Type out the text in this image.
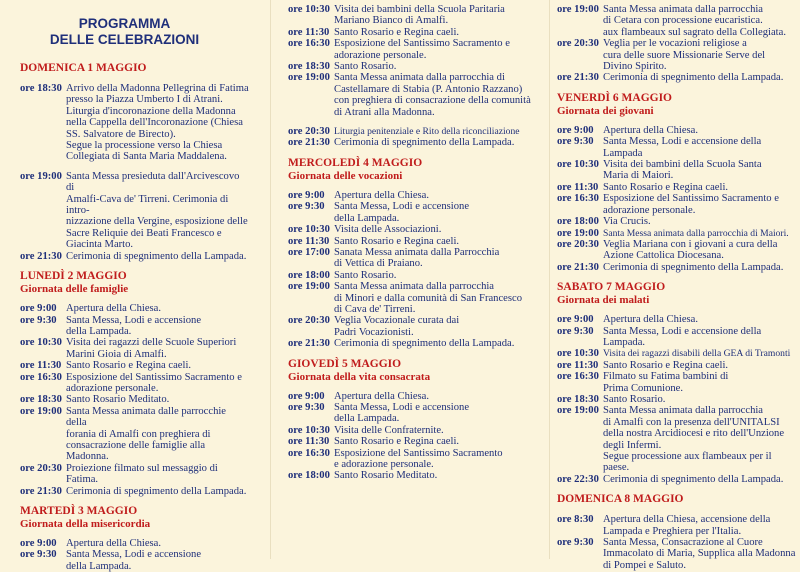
PROGRAMMA
DELLE CELEBRAZIONI
DOMENICA 1 MAGGIO
ore 18:30 Arrivo della Madonna Pellegrina di Fatima
presso la Piazza Umberto I di Atrani.
Liturgia d'incoronazione della Madonna
nella Cappella dell'Incoronazione (Chiesa
SS. Salvatore de Birecto).
Segue la processione verso la Chiesa
Collegiata di Santa Maria Maddalena.
ore 19:00 Santa Messa presieduta dall'Arcivescovo di
Amalfi-Cava de' Tirreni. Cerimonia di intro-
nizzazione della Vergine, esposizione delle
Sacre Reliquie dei Beati Francesco e
Giacinta Marto.
ore 21:30 Cerimonia di spegnimento della Lampada.
LUNEDÌ 2 MAGGIO
Giornata delle famiglie
ore 9:00 Apertura della Chiesa.
ore 9:30 Santa Messa, Lodi e accensione
della Lampada.
ore 10:30 Visita dei ragazzi delle Scuole Superiori
Marini Gioia di Amalfi.
ore 11:30 Santo Rosario e Regina caeli.
ore 16:30 Esposizione del Santissimo Sacramento e
adorazione personale.
ore 18:30 Santo Rosario Meditato.
ore 19:00 Santa Messa animata dalle parrocchie della
forania di Amalfi con preghiera di
consacrazione delle famiglie alla Madonna.
ore 20:30 Proiezione filmato sul messaggio di Fatima.
ore 21:30 Cerimonia di spegnimento della Lampada.
MARTEDÌ 3 MAGGIO
Giornata della misericordia
ore 9:00 Apertura della Chiesa.
ore 9:30 Santa Messa, Lodi e accensione
della Lampada.
ore 10:30 Visita dei bambini della Scuola Paritaria
Mariano Bianco di Amalfi.
ore 11:30 Santo Rosario e Regina caeli.
ore 16:30 Esposizione del Santissimo Sacramento e
adorazione personale.
ore 18:30 Santo Rosario.
ore 19:00 Santa Messa animata dalla parrocchia di
Castellamare di Stabia (P. Antonio Razzano)
con preghiera di consacrazione della comunità
di Atrani alla Madonna.
ore 20:30 Liturgia penitenziale e Rito della riconciliazione
ore 21:30 Cerimonia di spegnimento della Lampada.
MERCOLEDÌ 4 MAGGIO
Giornata delle vocazioni
ore 9:00 Apertura della Chiesa.
ore 9:30 Santa Messa, Lodi e accensione
della Lampada.
ore 10:30 Visita delle Associazioni.
ore 11:30 Santo Rosario e Regina caeli.
ore 17:00 Sanata Messa animata dalla Parrocchia
di Vettica di Praiano.
ore 18:00 Santo Rosario.
ore 19:00 Santa Messa animata dalla parrocchia
di Minori e dalla comunità di San Francesco
di Cava de' Tirreni.
ore 20:30 Veglia Vocazionale curata dai
Padri Vocazionisti.
ore 21:30 Cerimonia di spegnimento della Lampada.
GIOVEDÌ 5 MAGGIO
Giornata della vita consacrata
ore 9:00 Apertura della Chiesa.
ore 9:30 Santa Messa, Lodi e accensione
della Lampada.
ore 10:30 Visita delle Confraternite.
ore 11:30 Santo Rosario e Regina caeli.
ore 16:30 Esposizione del Santissimo Sacramento
e adorazione personale.
ore 18:00 Santo Rosario Meditato.
ore 19:00 Santa Messa animata dalla parrocchia
di Cetara con processione eucaristica.
aux flambeaux sul sagrato della Collegiata.
ore 20:30 Veglia per le vocazioni religiose a
cura delle suore Missionarie Serve del
Divino Spirito.
ore 21:30 Cerimonia di spegnimento della Lampada.
VENERDÌ 6 MAGGIO
Giornata dei giovani
ore 9:00 Apertura della Chiesa.
ore 9:30 Santa Messa, Lodi e accensione della Lampada
ore 10:30 Visita dei bambini della Scuola Santa
Maria di Maiori.
ore 11:30 Santo Rosario e Regina caeli.
ore 16:30 Esposizione del Santissimo Sacramento e
adorazione personale.
ore 18:00 Via Crucis.
ore 19:00 Santa Messa animata dalla parrocchia di Maiori.
ore 20:30 Veglia Mariana con i giovani a cura della
Azione Cattolica Diocesana.
ore 21:30 Cerimonia di spegnimento della Lampada.
SABATO 7 MAGGIO
Giornata dei malati
ore 9:00 Apertura della Chiesa.
ore 9:30 Santa Messa, Lodi e accensione della Lampada.
ore 10:30 Visita dei ragazzi disabili della GEA di Tramonti
ore 11:30 Santo Rosario e Regina caeli.
ore 16:30 Filmato su Fatima bambini di
Prima Comunione.
ore 18:30 Santo Rosario.
ore 19:00 Santa Messa animata dalla parrocchia
di Amalfi con la presenza dell'UNITALSI
della nostra Arcidiocesi e rito dell'Unzione
degli Infermi.
Segue processione aux flambeaux per il paese.
ore 22:30 Cerimonia di spegnimento della Lampada.
DOMENICA 8 MAGGIO
ore 8:30 Apertura della Chiesa, accensione della
Lampada e Preghiera per l'Italia.
ore 9:30 Santa Messa, Consacrazione al Cuore
Immacolato di Maria, Supplica alla Madonna
di Pompei e Saluto.
